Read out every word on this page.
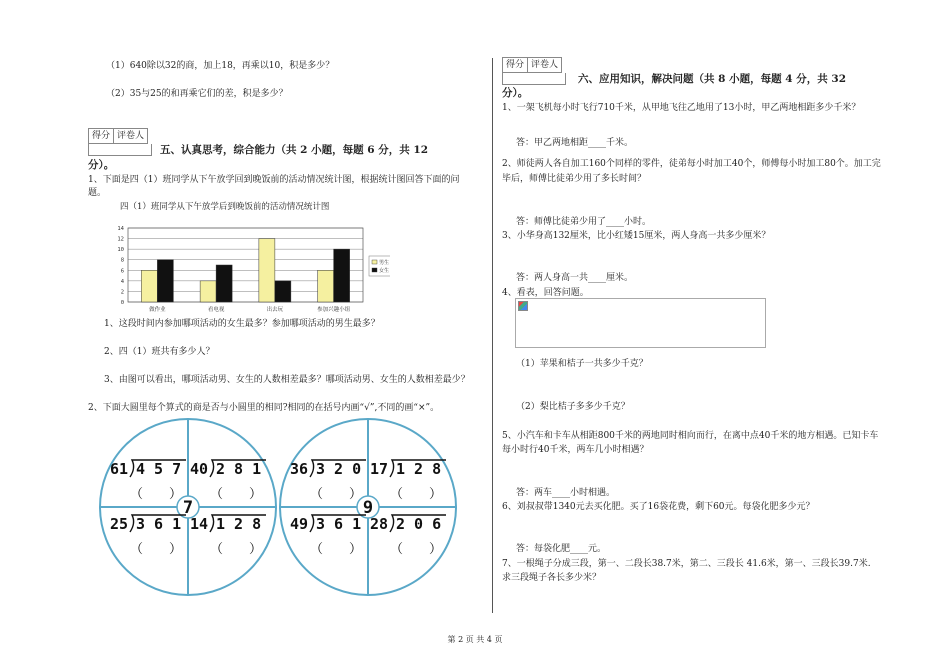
（1）640除以32的商，加上18，再乘以10，积是多少？
（2）35与25的和再乘它们的差，积是多少？
得分 评卷人
五、认真思考，综合能力（共 2 小题，每题 6 分，共 12
分）。
1、下面是四（1）班同学从下午放学回到晚饭前的活动情况统计图，根据统计图回答下面的问
题。
四（1）班同学从下午放学后到晚饭前的活动情况统计图
0
2
4
6
8
10
12
14
做作业	看电视	出去玩	参加兴趣小组
男生
女生
1、这段时间内参加哪项活动的女生最多？参加哪项活动的男生最多？
2、四（1）班共有多少人？
3、由图可以看出，哪项活动男、女生的人数相差最多？哪项活动男、女生的人数相差最少？
2、下面大圆里每个算式的商是否与小圆里的相同?相同的在括号内画“√”,不同的画“×”。
7
61 4 5 7
（　　）
40 2 8 1
（　　）
25 3 6 1
（　　）
14 1 2 8
（　　）
9
36 3 2 0
（　　）
17 1 2 8
（　　）
49 3 6 1
（　　）
28 2 0 6
（　　）
得分 评卷人
六、应用知识，解决问题（共 8 小题，每题 4 分，共 32
分）。
1、一架飞机每小时飞行710千米，从甲地飞往乙地用了13小时，甲乙两地相距多少千米？
答：甲乙两地相距____千米。
2、师徒两人各自加工160个同样的零件，徒弟每小时加工40个，师傅每小时加工80个。加工完
毕后，师傅比徒弟少用了多长时间？
答：师傅比徒弟少用了____小时。
3、小华身高132厘米，比小红矮15厘米，两人身高一共多少厘米？
答：两人身高一共____厘米。
4、看表，回答问题。
（1）苹果和桔子一共多少千克？
（2）梨比桔子多多少千克？
5、小汽车和卡车从相距800千米的两地同时相向而行，在离中点40千米的地方相遇。已知卡车
每小时行40千米，两车几小时相遇？
答：两车____小时相遇。
6、刘叔叔带1340元去买化肥。买了16袋花费，剩下60元。每袋化肥多少元？
答：每袋化肥____元。
7、一根绳子分成三段，第一、二段长38.7米，第二、三段长 41.6米，第一、三段长39.7米.
求三段绳子各长多少米？
第 2 页 共 4 页
